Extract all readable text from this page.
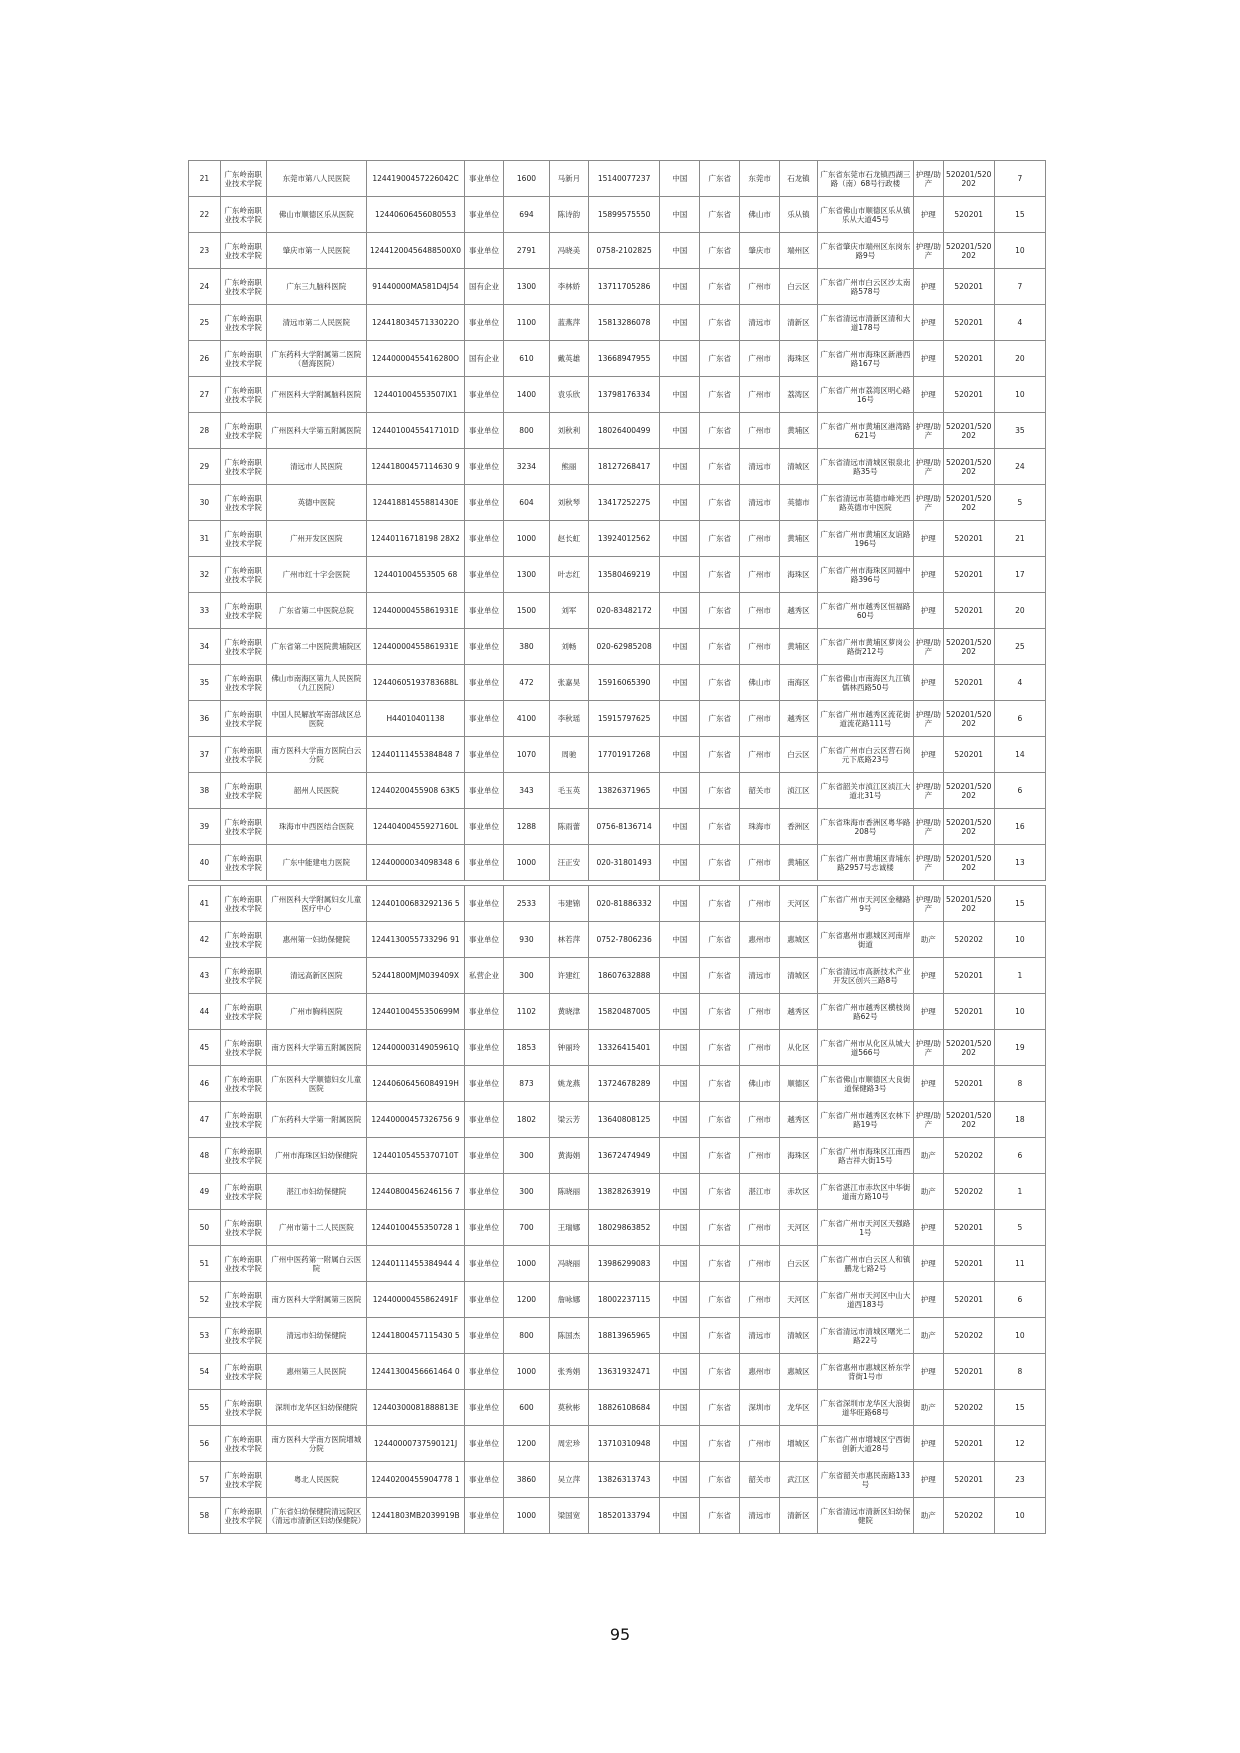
21	广东岭南职业技术学院	东莞市第八人民医院	12441900457226042C	事业单位	1600	马新月	15140077237	中国	广东省	东莞市	石龙镇	广东省东莞市石龙镇西湖三路（南）68号行政楼	护理/助产	520201/520202	7
22	广东岭南职业技术学院	佛山市顺德区乐从医院	12440606456080553	事业单位	694	陈诗韵	15899575550	中国	广东省	佛山市	乐从镇	广东省佛山市顺德区乐从镇乐从大道45号	护理	520201	15
23	广东岭南职业技术学院	肇庆市第一人民医院	12441200456488500X0	事业单位	2791	冯晓美	0758-2102825	中国	广东省	肇庆市	端州区	广东省肇庆市端州区东岗东路9号	护理/助产	520201/520202	10
24	广东岭南职业技术学院	广东三九脑科医院	91440000MA581D4J54	国有企业	1300	李林娇	13711705286	中国	广东省	广州市	白云区	广东省广州市白云区沙太南路578号	护理	520201	7
25	广东岭南职业技术学院	清远市第二人民医院	12441803457133022O	事业单位	1100	蓝燕萍	15813286078	中国	广东省	清远市	清新区	广东省清远市清新区清和大道178号	护理	520201	4
26	广东岭南职业技术学院	广东药科大学附属第二医院（琶海医院）	12440000455416280O	国有企业	610	戴英雄	13668947955	中国	广东省	广州市	海珠区	广东省广州市海珠区新港西路167号	护理	520201	20
27	广东岭南职业技术学院	广州医科大学附属脑科医院	124401004553507IX1	事业单位	1400	袁乐欣	13798176334	中国	广东省	广州市	荔湾区	广东省广州市荔湾区明心路16号	护理	520201	10
28	广东岭南职业技术学院	广州医科大学第五附属医院	12440100455417101D	事业单位	800	刘秋利	18026400499	中国	广东省	广州市	黄埔区	广东省广州市黄埔区港湾路621号	护理/助产	520201/520202	35
29	广东岭南职业技术学院	清远市人民医院	12441800457114630 9	事业单位	3234	熊丽	18127268417	中国	广东省	清远市	清城区	广东省清远市清城区银泉北路35号	护理/助产	520201/520202	24
30	广东岭南职业技术学院	英德中医院	12441881455881430E	事业单位	604	刘秋琴	13417252275	中国	广东省	清远市	英德市	广东省清远市英德市峰光西路英德市中医院	护理/助产	520201/520202	5
31	广东岭南职业技术学院	广州开发区医院	12440116718198 28X2	事业单位	1000	赵长虹	13924012562	中国	广东省	广州市	黄埔区	广东省广州市黄埔区友谊路196号	护理	520201	21
32	广东岭南职业技术学院	广州市红十字会医院	124401004553505 68	事业单位	1300	叶志红	13580469219	中国	广东省	广州市	海珠区	广东省广州市海珠区同福中路396号	护理	520201	17
33	广东岭南职业技术学院	广东省第二中医院总院	12440000455861931E	事业单位	1500	刘军	020-83482172	中国	广东省	广州市	越秀区	广东省广州市越秀区恒福路60号	护理	520201	20
34	广东岭南职业技术学院	广东省第二中医院黄埔院区	12440000455861931E	事业单位	380	刘畅	020-62985208	中国	广东省	广州市	黄埔区	广东省广州市黄埔区萝岗公路街212号	护理/助产	520201/520202	25
35	广东岭南职业技术学院	佛山市南海区第九人民医院（九江医院）	12440605193783688L	事业单位	472	张嘉昊	15916065390	中国	广东省	佛山市	南海区	广东省佛山市南海区九江镇儒林西路50号	护理	520201	4
36	广东岭南职业技术学院	中国人民解放军南部战区总医院	H44010401138	事业单位	4100	李秋瑶	15915797625	中国	广东省	广州市	越秀区	广东省广州市越秀区流花街道流花路111号	护理/助产	520201/520202	6
37	广东岭南职业技术学院	南方医科大学南方医院白云分院	12440111455384848 7	事业单位	1070	周驰	17701917268	中国	广东省	广州市	白云区	广东省广州市白云区营石岗元下底路23号	护理	520201	14
38	广东岭南职业技术学院	韶州人民医院	12440200455908 63K5	事业单位	343	毛玉英	13826371965	中国	广东省	韶关市	浈江区	广东省韶关市浈江区浈江大道北31号	护理/助产	520201/520202	6
39	广东岭南职业技术学院	珠海市中西医结合医院	12440400455927160L	事业单位	1288	陈雨蕾	0756-8136714	中国	广东省	珠海市	香洲区	广东省珠海市香洲区粤华路208号	护理/助产	520201/520202	16
40	广东岭南职业技术学院	广东中能建电力医院	12440000034098348 6	事业单位	1000	汪正安	020-31801493	中国	广东省	广州市	黄埔区	广东省广州市黄埔区青埔东路2957号志诚楼	护理/助产	520201/520202	13
41	广东岭南职业技术学院	广州医科大学附属妇女儿童医疗中心	12440100683292136 5	事业单位	2533	韦建锦	020-81886332	中国	广东省	广州市	天河区	广东省广州市天河区金穗路9号	护理/助产	520201/520202	15
42	广东岭南职业技术学院	惠州第一妇幼保健院	1244130055733296 91	事业单位	930	林若萍	0752-7806236	中国	广东省	惠州市	惠城区	广东省惠州市惠城区河南岸街道	助产	520202	10
43	广东岭南职业技术学院	清远高新区医院	52441800MJM039409X	私营企业	300	许建红	18607632888	中国	广东省	清远市	清城区	广东省清远市高新技术产业开发区创兴三路8号	护理	520201	1
44	广东岭南职业技术学院	广州市胸科医院	12440100455350699M	事业单位	1102	黄晓津	15820487005	中国	广东省	广州市	越秀区	广东省广州市越秀区横枝岗路62号	护理	520201	10
45	广东岭南职业技术学院	南方医科大学第五附属医院	12440000314905961Q	事业单位	1853	钟丽玲	13326415401	中国	广东省	广州市	从化区	广东省广州市从化区从城大道566号	护理/助产	520201/520202	19
46	广东岭南职业技术学院	广东医科大学顺德妇女儿童医院	12440606456084919H	事业单位	873	姚龙燕	13724678289	中国	广东省	佛山市	顺德区	广东省佛山市顺德区大良街道保健路3号	护理	520201	8
47	广东岭南职业技术学院	广东药科大学第一附属医院	12440000457326756 9	事业单位	1802	梁云芳	13640808125	中国	广东省	广州市	越秀区	广东省广州市越秀区农林下路19号	护理/助产	520201/520202	18
48	广东岭南职业技术学院	广州市海珠区妇幼保健院	12440105455370710T	事业单位	300	黄海娟	13672474949	中国	广东省	广州市	海珠区	广东省广州市海珠区江南西路吉祥大街15号	助产	520202	6
49	广东岭南职业技术学院	湛江市妇幼保健院	12440800456246156 7	事业单位	300	陈晓丽	13828263919	中国	广东省	湛江市	赤坎区	广东省湛江市赤坎区中华街道南方路10号	助产	520202	1
50	广东岭南职业技术学院	广州市第十二人民医院	12440100455350728 1	事业单位	700	王瑞娜	18029863852	中国	广东省	广州市	天河区	广东省广州市天河区天强路1号	护理	520201	5
51	广东岭南职业技术学院	广州中医药第一附属白云医院	12440111455384944 4	事业单位	1000	冯晓丽	13986299083	中国	广东省	广州市	白云区	广东省广州市白云区人和镇鹏龙七路2号	护理	520201	11
52	广东岭南职业技术学院	南方医科大学附属第三医院	12440000455862491F	事业单位	1200	詹咏娜	18002237115	中国	广东省	广州市	天河区	广东省广州市天河区中山大道西183号	护理	520201	6
53	广东岭南职业技术学院	清远市妇幼保健院	12441800457115430 5	事业单位	800	陈国杰	18813965965	中国	广东省	清远市	清城区	广东省清远市清城区曙光二路22号	助产	520202	10
54	广东岭南职业技术学院	惠州第三人民医院	12441300456661464 0	事业单位	1000	张秀娟	13631932471	中国	广东省	惠州市	惠城区	广东省惠州市惠城区桥东学背街1号市	护理	520201	8
55	广东岭南职业技术学院	深圳市龙华区妇幼保健院	12440300081888813E	事业单位	600	莫秋彬	18826108684	中国	广东省	深圳市	龙华区	广东省深圳市龙华区大浪街道华旺路68号	助产	520202	15
56	广东岭南职业技术学院	南方医科大学南方医院增城分院	12440000737590121J	事业单位	1200	周宏珍	13710310948	中国	广东省	广州市	增城区	广东省广州市增城区宁西街创新大道28号	护理	520201	12
57	广东岭南职业技术学院	粤北人民医院	12440200455904778 1	事业单位	3860	吴立萍	13826313743	中国	广东省	韶关市	武江区	广东省韶关市惠民南路133号	护理	520201	23
58	广东岭南职业技术学院	广东省妇幼保健院清远院区（清远市清新区妇幼保健院）	12441803MB2039919B	事业单位	1000	梁国宽	18520133794	中国	广东省	清远市	清新区	广东省清远市清新区妇幼保健院	助产	520202	10
95
